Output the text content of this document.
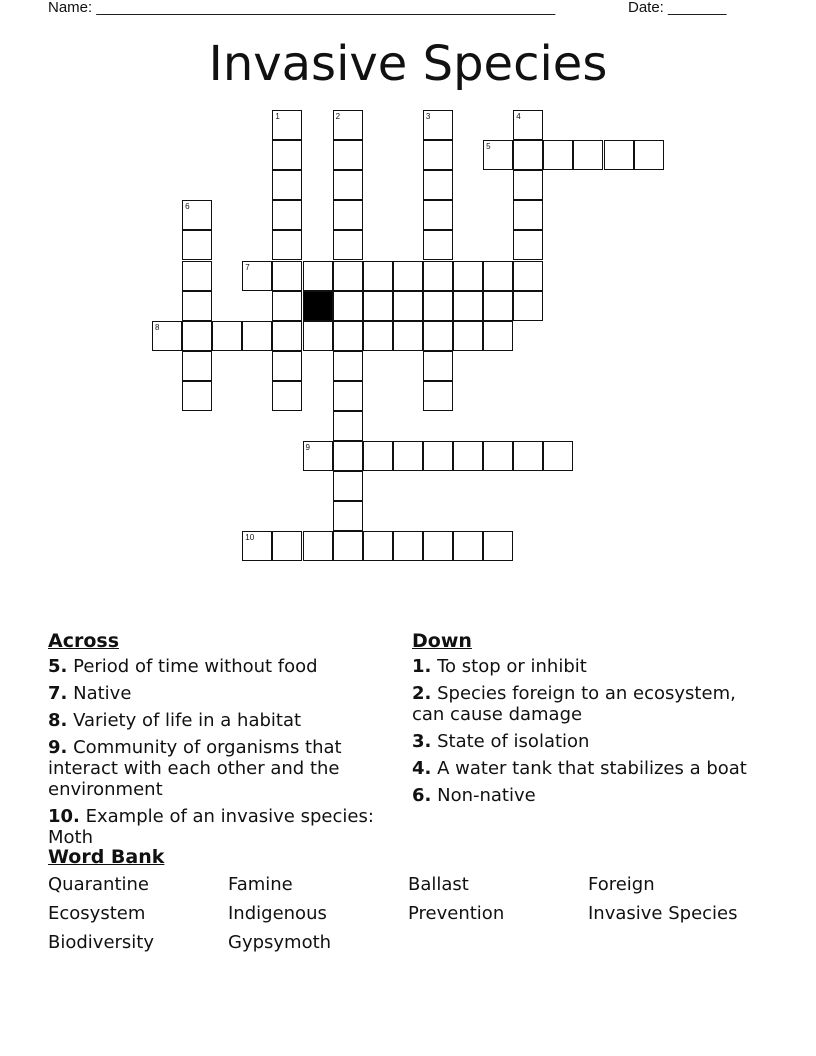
Name: _______________________________________________________	Date: _______
Invasive Species
1	2	3	4
5
6
7
8
9
10
Across
5. Period of time without food
7. Native
8. Variety of life in a habitat
9. Community of organisms that interact with each other and the environment
10. Example of an invasive species: Moth
Down
1. To stop or inhibit
2. Species foreign to an ecosystem, can cause damage
3. State of isolation
4. A water tank that stabilizes a boat
6. Non-native
Word Bank
Quarantine	Famine	Ballast	Foreign
Ecosystem	Indigenous	Prevention	Invasive Species
Biodiversity	Gypsymoth
